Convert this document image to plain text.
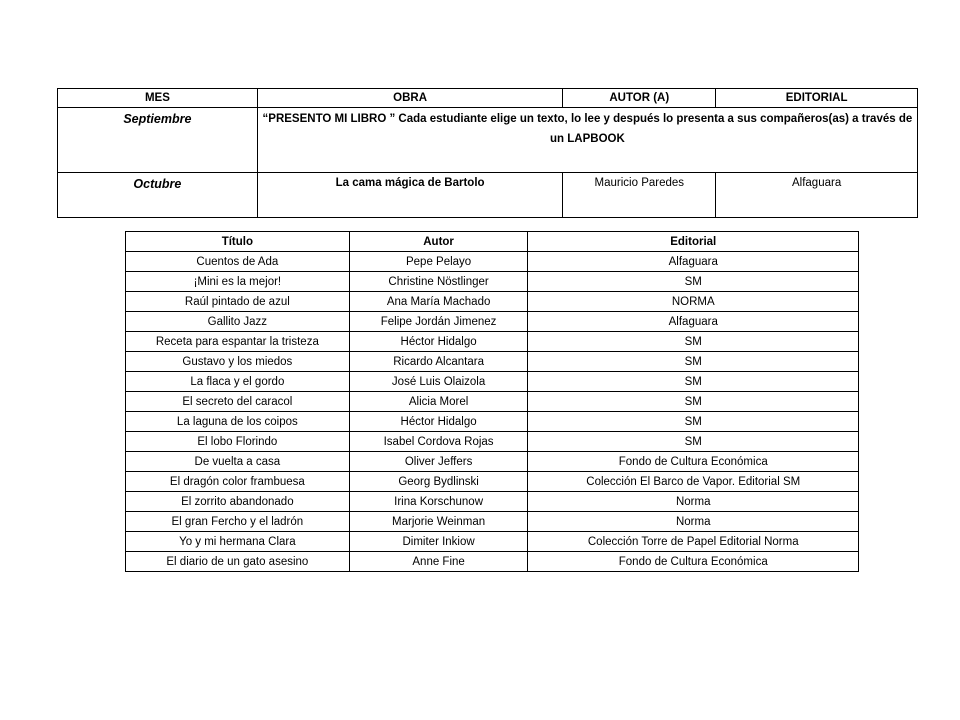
MES	OBRA	AUTOR (A)	EDITORIAL
Septiembre	“PRESENTO MI LIBRO ” Cada estudiante elige un texto, lo lee y después lo presenta a sus compañeros(as) a través de un LAPBOOK		
Octubre	La cama mágica de Bartolo	Mauricio Paredes	Alfaguara
Título	Autor	Editorial
Cuentos de Ada	Pepe Pelayo	Alfaguara
¡Mini es la mejor!	Christine Nöstlinger	SM
Raúl pintado de azul	Ana María Machado	NORMA
Gallito Jazz	Felipe Jordán Jimenez	Alfaguara
Receta para espantar la tristeza	Héctor Hidalgo	SM
Gustavo y los miedos	Ricardo Alcantara	SM
La flaca y el gordo	José Luis Olaizola	SM
El secreto del caracol	Alicia Morel	SM
La laguna de los coipos	Héctor Hidalgo	SM
El lobo Florindo	Isabel Cordova Rojas	SM
De vuelta a casa	Oliver Jeffers	Fondo de Cultura Económica
El dragón color frambuesa	Georg Bydlinski	Colección El Barco de Vapor. Editorial SM
El zorrito abandonado	Irina Korschunow	Norma
El gran Fercho y el ladrón	Marjorie Weinman	Norma
Yo y mi hermana Clara	Dimiter Inkiow	Colección Torre de Papel Editorial Norma
El diario de un gato asesino	Anne Fine	Fondo de Cultura Económica
